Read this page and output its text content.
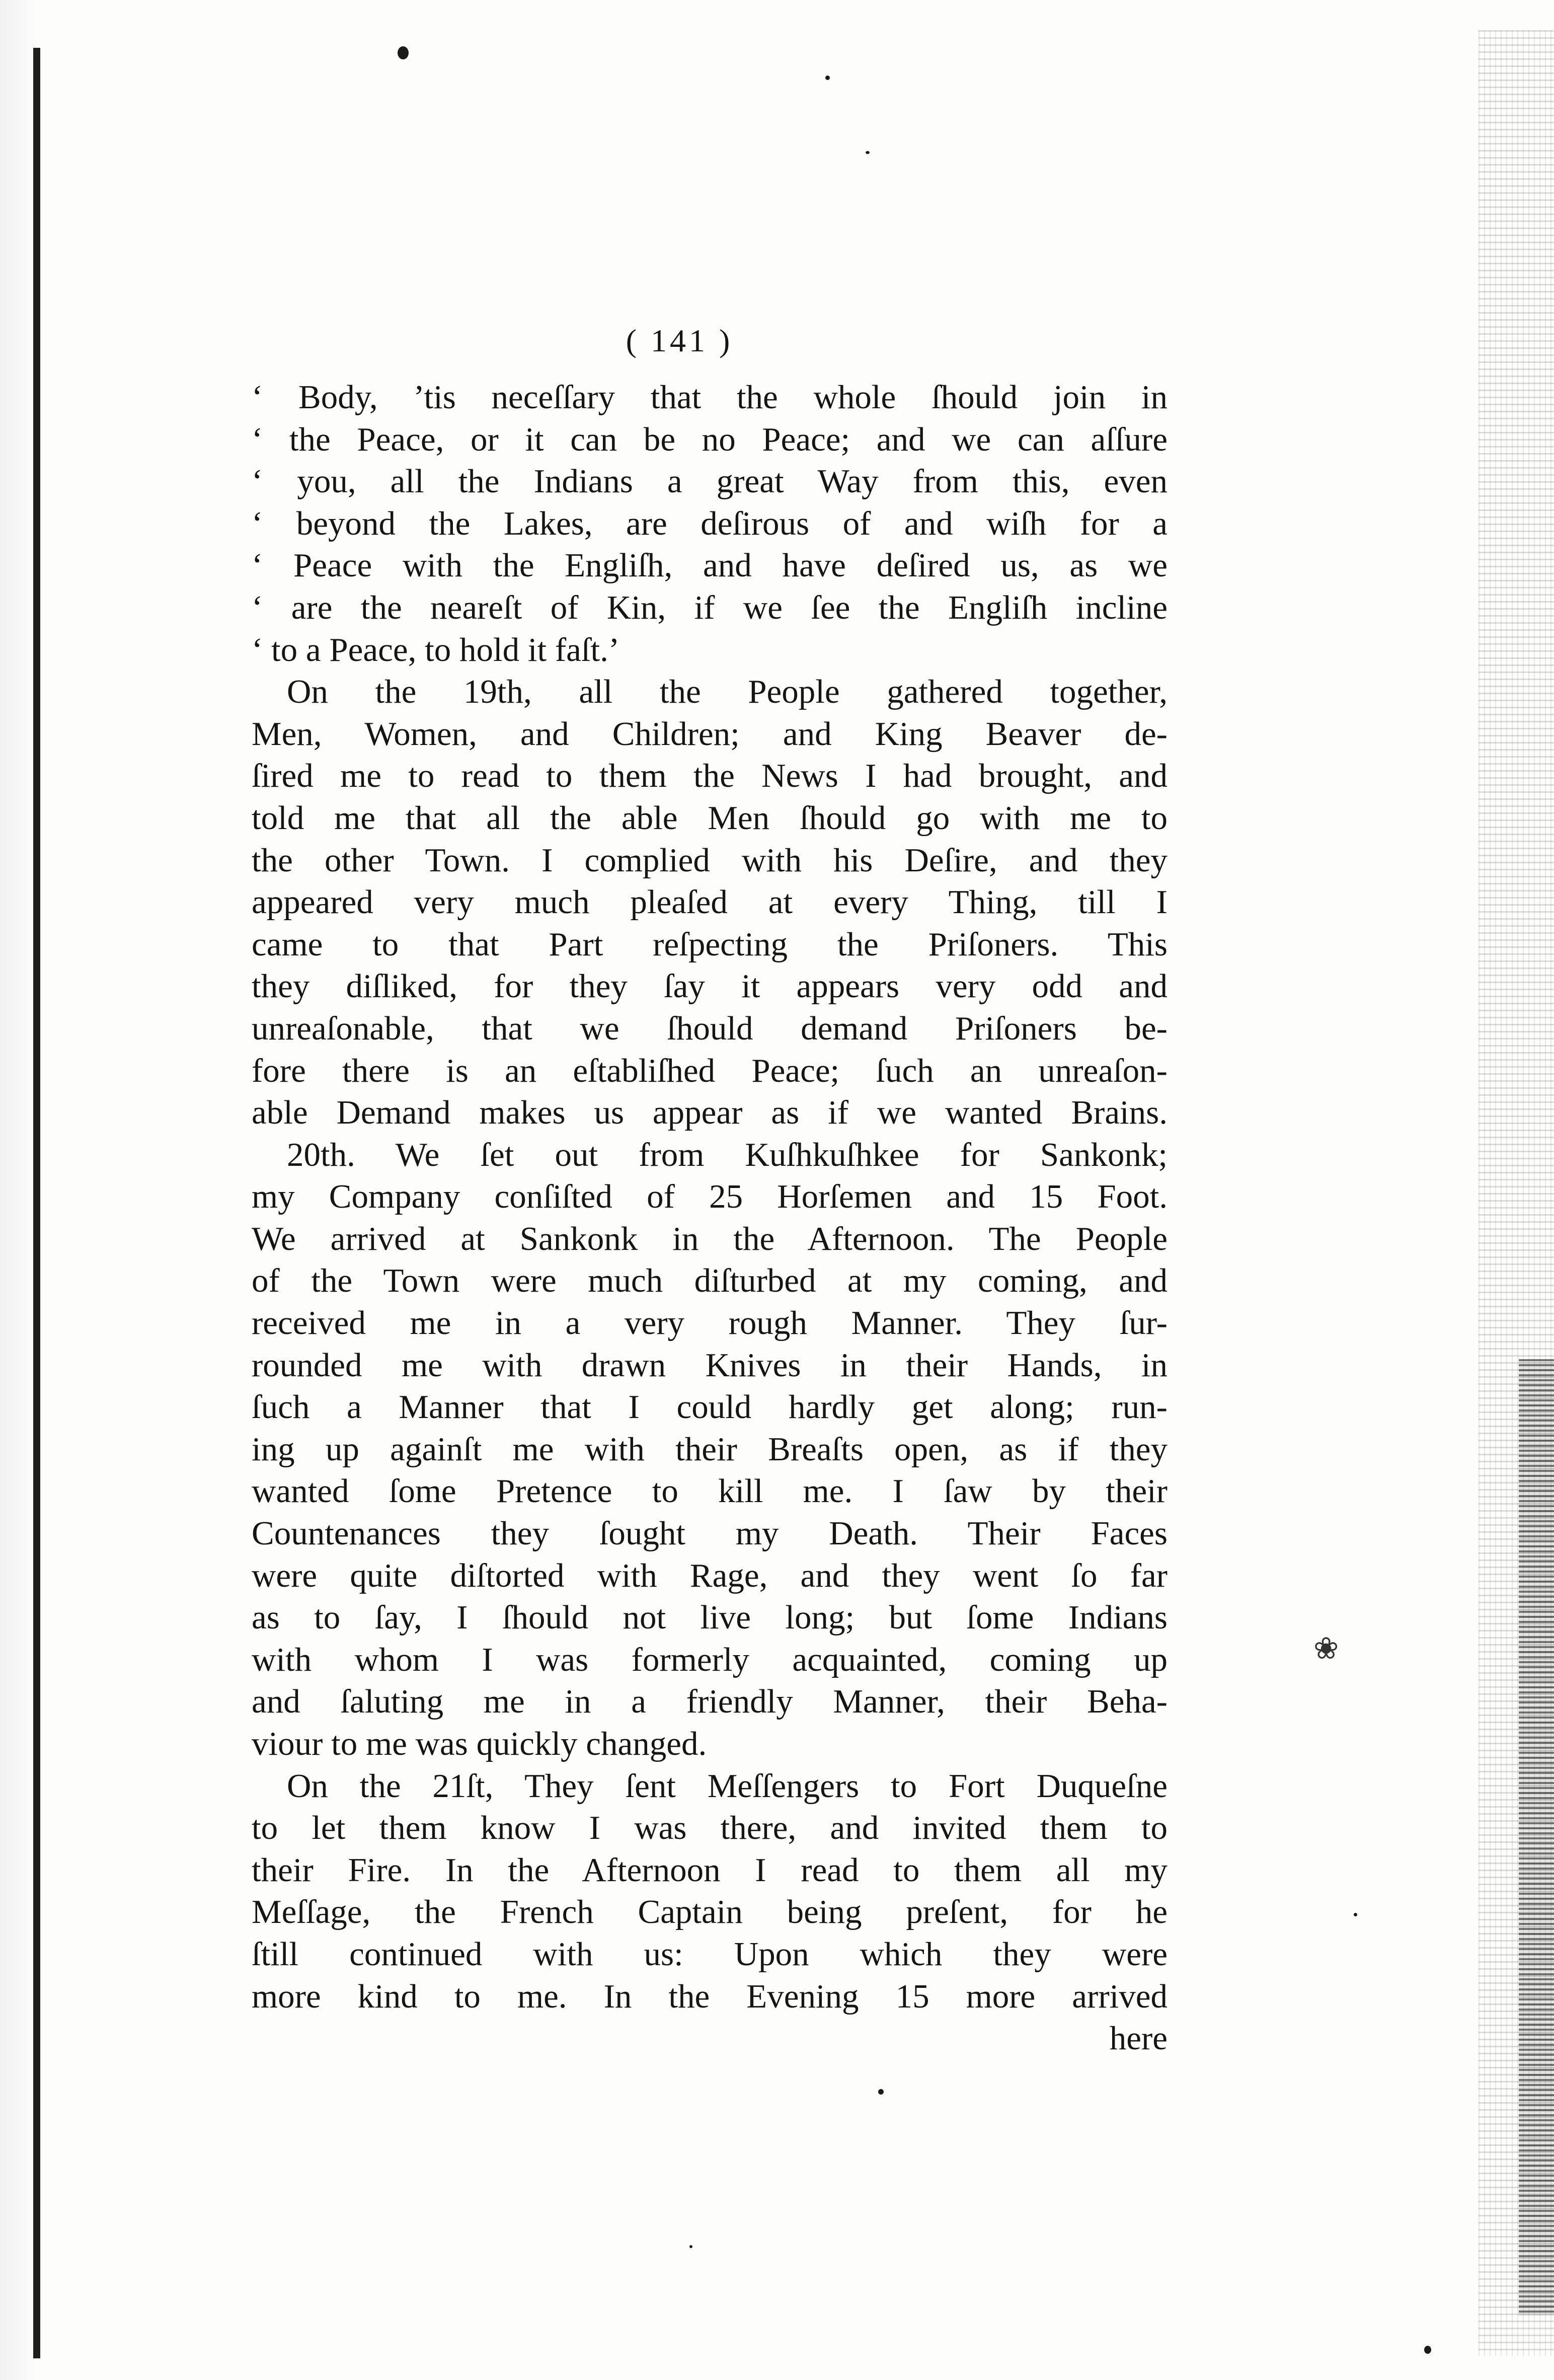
❀
( 141 )
‘ Body, ’tis neceſſary that the whole ſhould join in
‘ the Peace, or it can be no Peace; and we can aſſure
‘ you, all the Indians a great Way from this, even
‘ beyond the Lakes, are deſirous of and wiſh for a
‘ Peace with the Engliſh, and have deſired us, as we
‘ are the neareſt of Kin, if we ſee the Engliſh incline
‘ to a Peace, to hold it faſt.’
On the 19th, all the People gathered together,
Men, Women, and Children; and King Beaver de-
ſired me to read to them the News I had brought, and
told me that all the able Men ſhould go with me to
the other Town. I complied with his Deſire, and they
appeared very much pleaſed at every Thing, till I
came to that Part reſpecting the Priſoners. This
they diſliked, for they ſay it appears very odd and
unreaſonable, that we ſhould demand Priſoners be-
fore there is an eſtabliſhed Peace; ſuch an unreaſon-
able Demand makes us appear as if we wanted Brains.
20th. We ſet out from Kuſhkuſhkee for Sankonk;
my Company conſiſted of 25 Horſemen and 15 Foot.
We arrived at Sankonk in the Afternoon. The People
of the Town were much diſturbed at my coming, and
received me in a very rough Manner. They ſur-
rounded me with drawn Knives in their Hands, in
ſuch a Manner that I could hardly get along; run-
ing up againſt me with their Breaſts open, as if they
wanted ſome Pretence to kill me. I ſaw by their
Countenances they ſought my Death. Their Faces
were quite diſtorted with Rage, and they went ſo far
as to ſay, I ſhould not live long; but ſome Indians
with whom I was formerly acquainted, coming up
and ſaluting me in a friendly Manner, their Beha-
viour to me was quickly changed.
On the 21ſt, They ſent Meſſengers to Fort Duqueſne
to let them know I was there, and invited them to
their Fire. In the Afternoon I read to them all my
Meſſage, the French Captain being preſent, for he
ſtill continued with us: Upon which they were
more kind to me. In the Evening 15 more arrived
here
